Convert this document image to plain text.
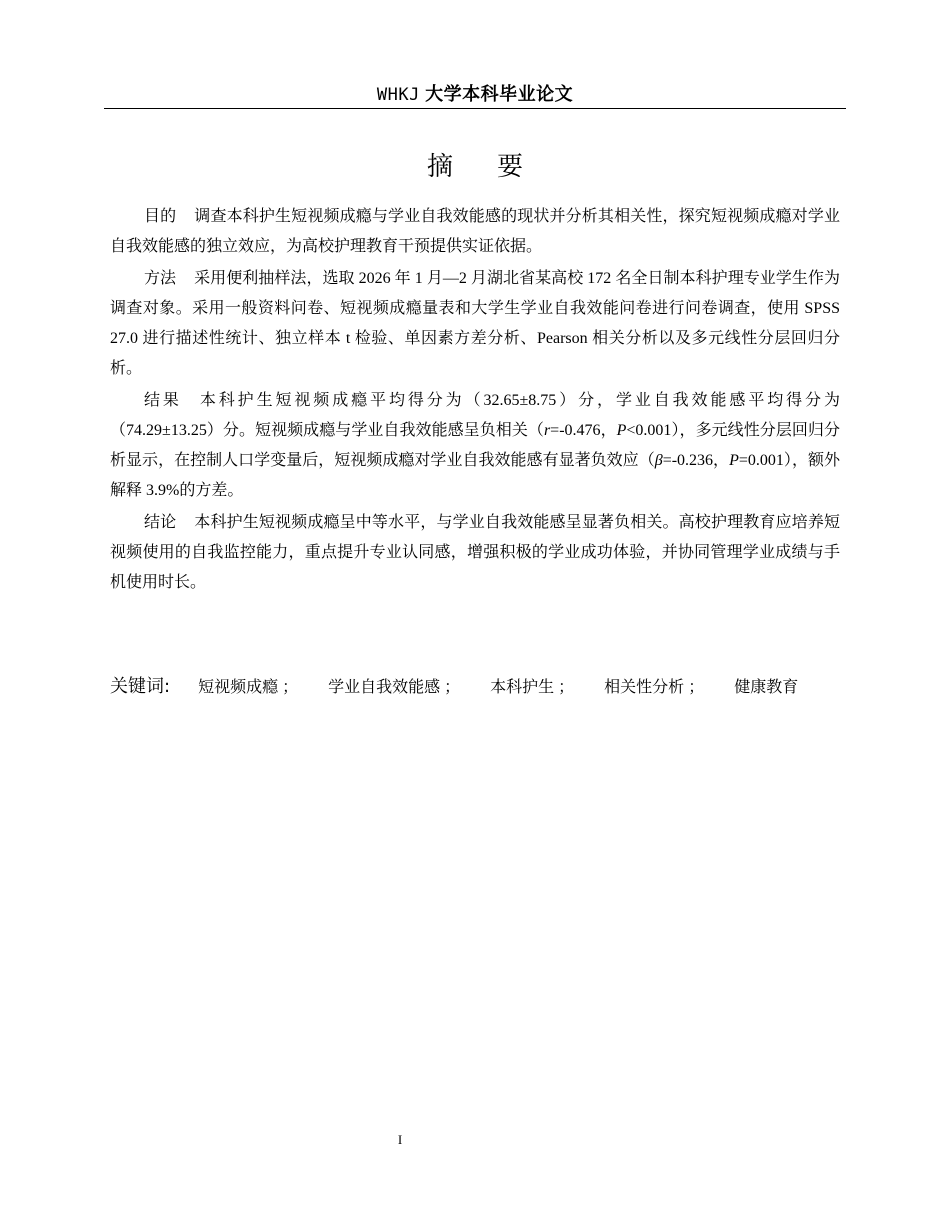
WHKJ 大学本科毕业论文
摘要

目的 调查本科护生短视频成瘾与学业自我效能感的现状并分析其相关性，探究短视频成瘾对学业自我效能感的独立效应，为高校护理教育干预提供实证依据。

方法 采用便利抽样法，选取 2026 年 1 月—2 月湖北省某高校 172 名全日制本科护理专业学生作为调查对象。采用一般资料问卷、短视频成瘾量表和大学生学业自我效能问卷进行问卷调查，使用 SPSS 27.0 进行描述性统计、独立样本 t 检验、单因素方差分析、Pearson 相关分析以及多元线性分层回归分析。

结果 本科护生短视频成瘾平均得分为（32.65±8.75）分，学业自我效能感平均得分为（74.29±13.25）分。短视频成瘾与学业自我效能感呈负相关（r=-0.476，P<0.001），多元线性分层回归分析显示，在控制人口学变量后，短视频成瘾对学业自我效能感有显著负效应（β=-0.236，P=0.001），额外解释 3.9%的方差。

结论 本科护生短视频成瘾呈中等水平，与学业自我效能感呈显著负相关。高校护理教育应培养短视频使用的自我监控能力，重点提升专业认同感，增强积极的学业成功体验，并协同管理学业成绩与手机使用时长。

关键词: 短视频成瘾 ； 学业自我效能感 ； 本科护生 ； 相关性分析 ； 健康教育
I
